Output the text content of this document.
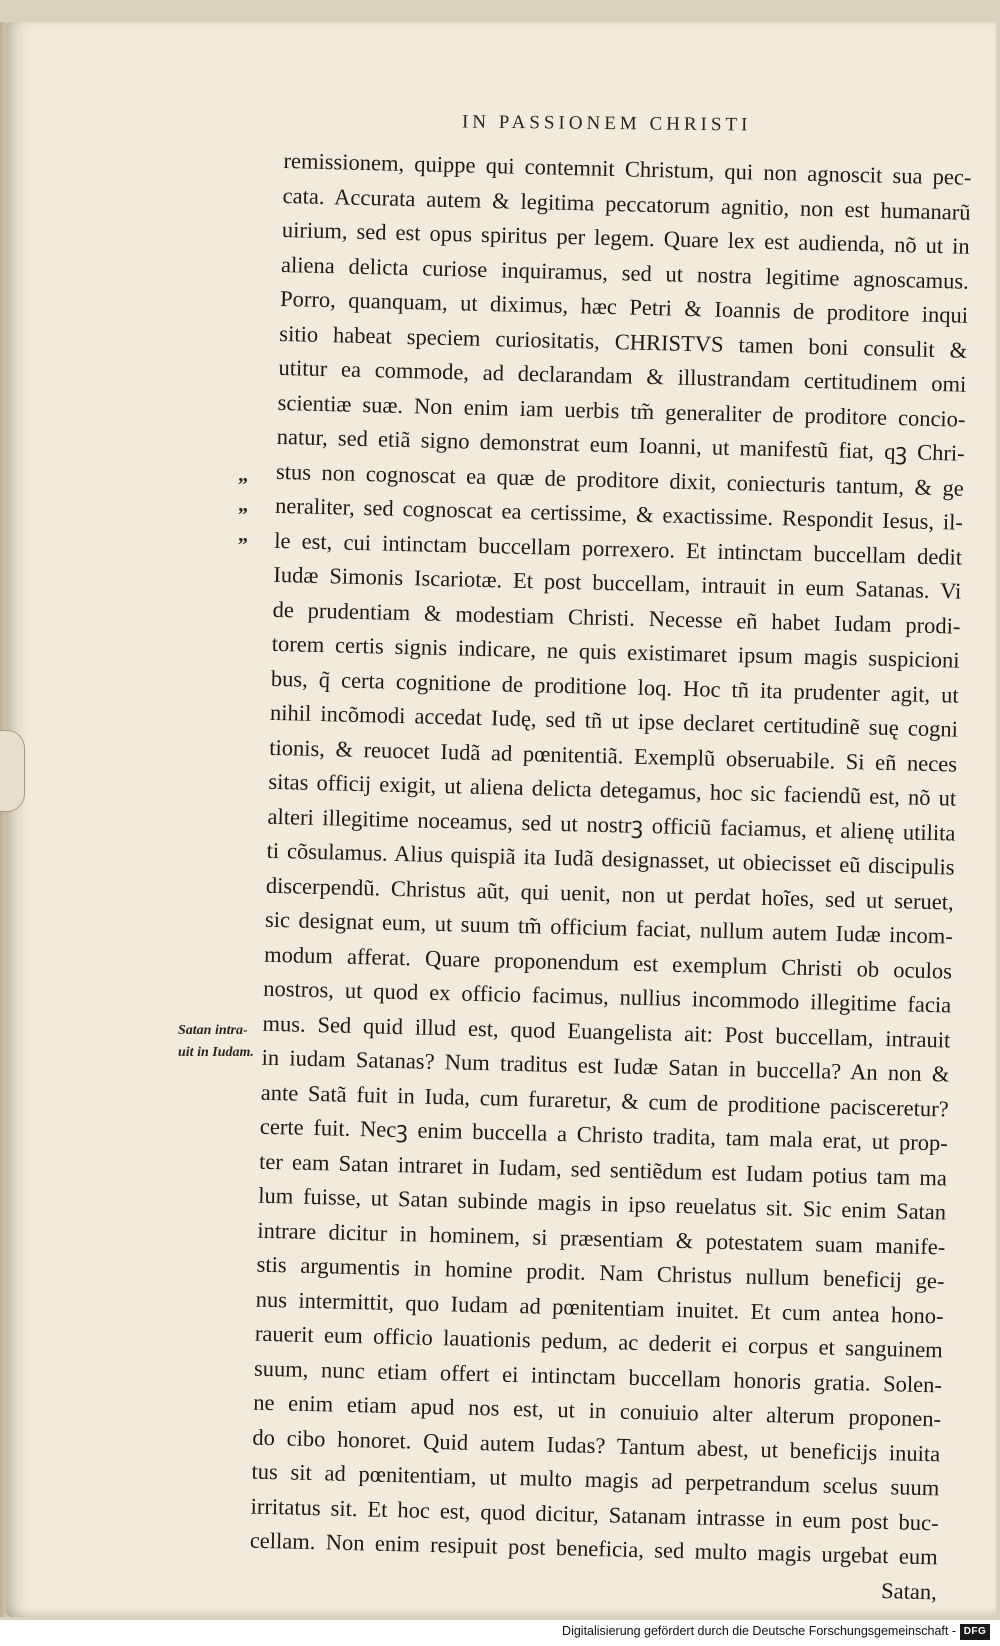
IN PASSIONEM CHRISTI
„
„
„
Satan intra-
uit in Iudam.
remissionem, quippe qui contemnit Christum, qui non agnoscit sua pec-
cata. Accurata autem & legitima peccatorum agnitio, non est humanarũ
uirium, sed est opus spiritus per legem. Quare lex est audienda, nõ ut in
aliena delicta curiose inquiramus, sed ut nostra legitime agnoscamus.
Porro, quanquam, ut diximus, hæc Petri & Ioannis de proditore inqui
sitio habeat speciem curiositatis, CHRISTVS tamen boni consulit &
utitur ea commode, ad declarandam & illustrandam certitudinem omi
scientiæ suæ. Non enim iam uerbis tm̃ generaliter de proditore concio-
natur, sed etiã signo demonstrat eum Ioanni, ut manifestũ fiat, qꝫ Chri-
stus non cognoscat ea quæ de proditore dixit, coniecturis tantum, & ge
neraliter, sed cognoscat ea certissime, & exactissime. Respondit Iesus, il-
le est, cui intinctam buccellam porrexero. Et intinctam buccellam dedit
Iudæ Simonis Iscariotæ. Et post buccellam, intrauit in eum Satanas. Vi
de prudentiam & modestiam Christi. Necesse eñ habet Iudam prodi-
torem certis signis indicare, ne quis existimaret ipsum magis suspicioni
bus, q̃ certa cognitione de proditione loq. Hoc tñ ita prudenter agit, ut
nihil incõmodi accedat Iudę, sed tñ ut ipse declaret certitudinẽ suę cogni
tionis, & reuocet Iudã ad pœnitentiã. Exemplũ obseruabile. Si eñ neces
sitas officij exigit, ut aliena delicta detegamus, hoc sic faciendũ est, nõ ut
alteri illegitime noceamus, sed ut nostrꝫ officiũ faciamus, et alienę utilita
ti cõsulamus. Alius quispiã ita Iudã designasset, ut obiecisset eũ discipulis
discerpendũ. Christus aũt, qui uenit, non ut perdat hoĩes, sed ut seruet,
sic designat eum, ut suum tm̃ officium faciat, nullum autem Iudæ incom-
modum afferat. Quare proponendum est exemplum Christi ob oculos
nostros, ut quod ex officio facimus, nullius incommodo illegitime facia
mus. Sed quid illud est, quod Euangelista ait: Post buccellam, intrauit
in iudam Satanas? Num traditus est Iudæ Satan in buccella? An non &
ante Satã fuit in Iuda, cum furaretur, & cum de proditione pacisceretur?
certe fuit. Necꝫ enim buccella a Christo tradita, tam mala erat, ut prop-
ter eam Satan intraret in Iudam, sed sentiẽdum est Iudam potius tam ma
lum fuisse, ut Satan subinde magis in ipso reuelatus sit. Sic enim Satan
intrare dicitur in hominem, si præsentiam & potestatem suam manife-
stis argumentis in homine prodit. Nam Christus nullum beneficij ge-
nus intermittit, quo Iudam ad pœnitentiam inuitet. Et cum antea hono-
rauerit eum officio lauationis pedum, ac dederit ei corpus et sanguinem
suum, nunc etiam offert ei intinctam buccellam honoris gratia. Solen-
ne enim etiam apud nos est, ut in conuiuio alter alterum proponen-
do cibo honoret. Quid autem Iudas? Tantum abest, ut beneficijs inuita
tus sit ad pœnitentiam, ut multo magis ad perpetrandum scelus suum
irritatus sit. Et hoc est, quod dicitur, Satanam intrasse in eum post buc-
cellam. Non enim resipuit post beneficia, sed multo magis urgebat eum
Satan,
Digitalisierung gefördert durch die Deutsche Forschungsgemeinschaft - DFG
